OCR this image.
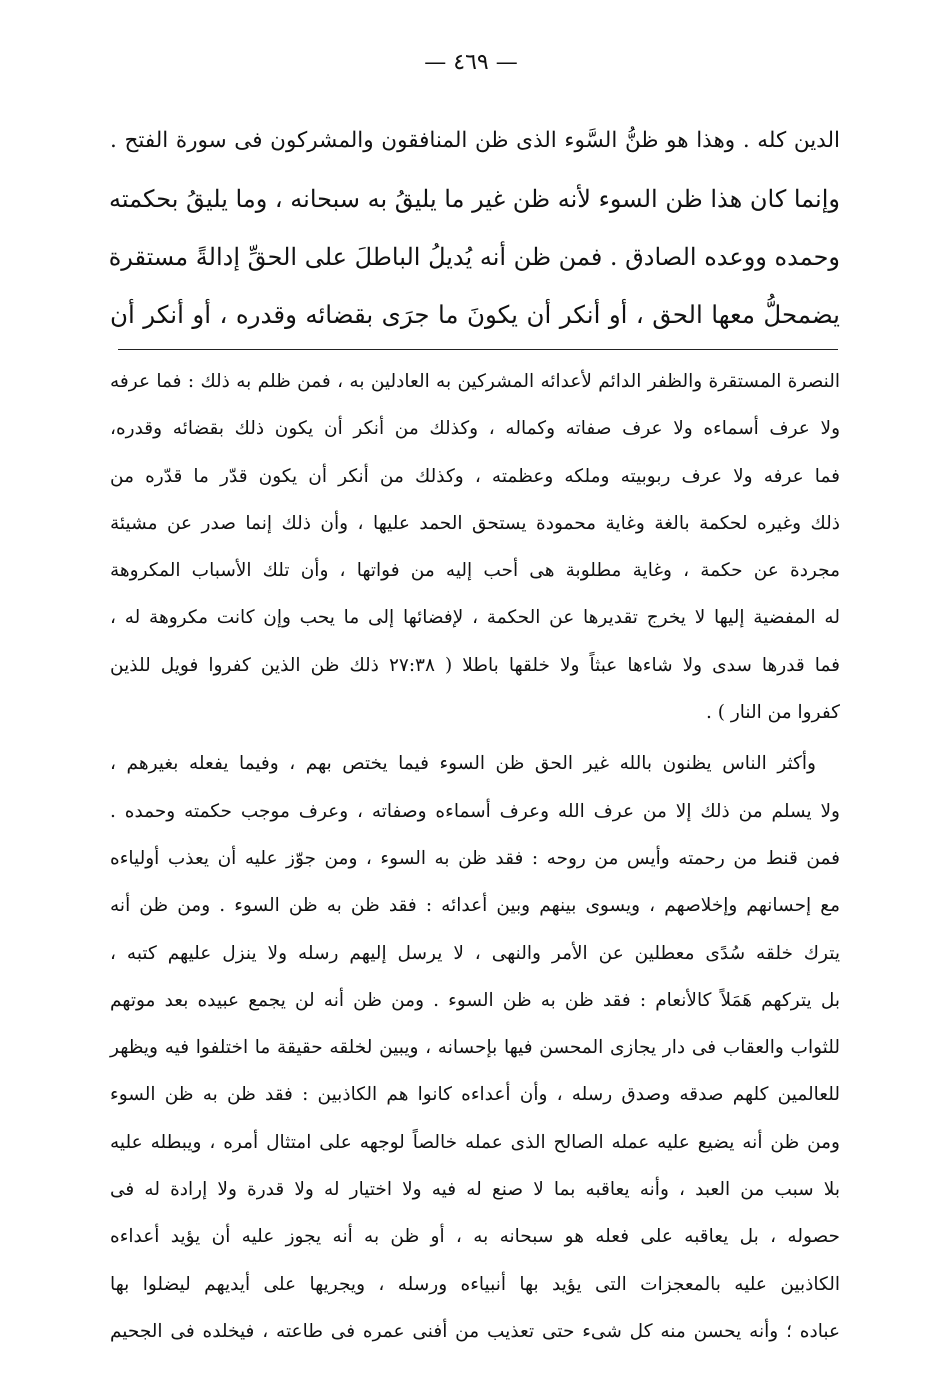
— ٤٦٩ —
الدين كله . وهذا هو ظنُّ السَّوء الذى ظن المنافقون والمشركون فى سورة الفتح .
وإنما كان هذا ظن السوء لأنه ظن غير ما يليقُ به سبحانه ، وما يليقُ بحكمته
وحمده ووعده الصادق . فمن ظن أنه يُديلُ الباطلَ على الحقِّ إدالةً مستقرة
يضمحلُّ معها الحق ، أو أنكر أن يكونَ ما جرَى بقضائه وقدره ، أو أنكر أن
النصرة المستقرة والظفر الدائم لأعدائه المشركين به العادلين به ، فمن ظلم به ذلك : فما عرفه
ولا عرف أسماءه ولا عرف صفاته وكماله ، وكذلك من أنكر أن يكون ذلك بقضائه وقدره،
فما عرفه ولا عرف ربوبيته وملكه وعظمته ، وكذلك من أنكر أن يكون قدّر ما قدّره من
ذلك وغيره لحكمة بالغة وغاية محمودة يستحق الحمد عليها ، وأن ذلك إنما صدر عن مشيئة
مجردة عن حكمة ، وغاية مطلوبة هى أحب إليه من فواتها ، وأن تلك الأسباب المكروهة
له المفضية إليها لا يخرج تقديرها عن الحكمة ، لإفضائها إلى ما يحب وإن كانت مكروهة له ،
فما قدرها سدى ولا شاءها عبثاً ولا خلقها باطلا ( ٢٧:٣٨ ذلك ظن الذين كفروا فويل للذين
كفروا من النار ) .
وأكثر الناس يظنون بالله غير الحق ظن السوء فيما يختص بهم ، وفيما يفعله بغيرهم ،
ولا يسلم من ذلك إلا من عرف الله وعرف أسماءه وصفاته ، وعرف موجب حكمته وحمده .
فمن قنط من رحمته وأيس من روحه : فقد ظن به السوء ، ومن جوّز عليه أن يعذب أولياءه
مع إحسانهم وإخلاصهم ، ويسوى بينهم وبين أعدائه : فقد ظن به ظن السوء . ومن ظن أنه
يترك خلقه سُدًى معطلين عن الأمر والنهى ، لا يرسل إليهم رسله ولا ينزل عليهم كتبه ،
بل يتركهم هَمَلاً كالأنعام : فقد ظن به ظن السوء . ومن ظن أنه لن يجمع عبيده بعد موتهم
للثواب والعقاب فى دار يجازى المحسن فيها بإحسانه ، ويبين لخلقه حقيقة ما اختلفوا فيه ويظهر
للعالمين كلهم صدقه وصدق رسله ، وأن أعداءه كانوا هم الكاذبين : فقد ظن به ظن السوء
ومن ظن أنه يضيع عليه عمله الصالح الذى عمله خالصاً لوجهه على امتثال أمره ، ويبطله عليه
بلا سبب من العبد ، وأنه يعاقبه بما لا صنع له فيه ولا اختيار له ولا قدرة ولا إرادة له فى
حصوله ، بل يعاقبه على فعله هو سبحانه به ، أو ظن به أنه يجوز عليه أن يؤيد أعداءه
الكاذبين عليه بالمعجزات التى يؤيد بها أنبياءه ورسله ، ويجريها على أيديهم ليضلوا بها
عباده ؛ وأنه يحسن منه كل شىء حتى تعذيب من أفنى عمره فى طاعته ، فيخلده فى الجحيم
